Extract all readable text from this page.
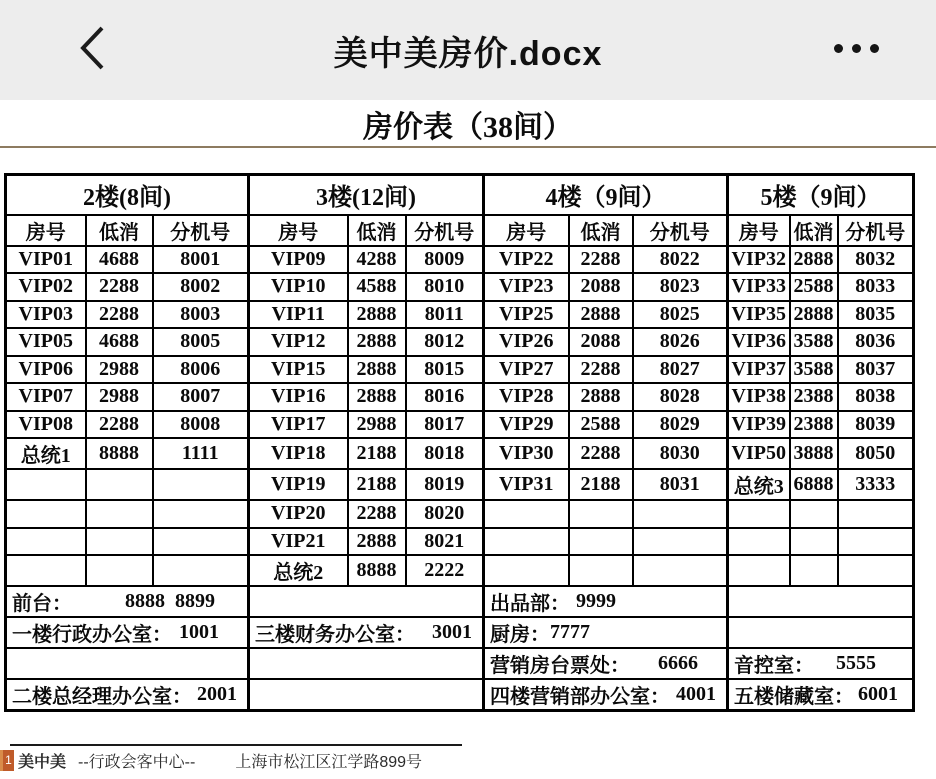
美中美房价.docx
房价表（38间）
2楼(8间)			3楼(12间)			4楼（9间）			5楼（9间）		
房号	低消	分机号	房号	低消	分机号	房号	低消	分机号	房号	低消	分机号
VIP01	4688	8001	VIP09	4288	8009	VIP22	2288	8022	VIP32	2888	8032
VIP02	2288	8002	VIP10	4588	8010	VIP23	2088	8023	VIP33	2588	8033
VIP03	2288	8003	VIP11	2888	8011	VIP25	2888	8025	VIP35	2888	8035
VIP05	4688	8005	VIP12	2888	8012	VIP26	2088	8026	VIP36	3588	8036
VIP06	2988	8006	VIP15	2888	8015	VIP27	2288	8027	VIP37	3588	8037
VIP07	2988	8007	VIP16	2888	8016	VIP28	2888	8028	VIP38	2388	8038
VIP08	2288	8008	VIP17	2988	8017	VIP29	2588	8029	VIP39	2388	8039
总统1	8888	1111	VIP18	2188	8018	VIP30	2288	8030	VIP50	3888	8050
			VIP19	2188	8019	VIP31	2188	8031	总统3	6888	3333
			VIP20	2288	8020						
			VIP21	2888	8021						
			总统2	8888	2222						

前台： 8888  8899						出品部： 9999					

一楼行政办公室： 1001			三楼财务办公室： 3001			厨房： 7777					

						营销房台票处： 6666			音控室： 5555		

二楼总经理办公室： 2001						四楼营销部办公室： 4001			五楼储藏室： 6001		
1 美中美 --行政会客中心--	上海市松江区江学路899号
